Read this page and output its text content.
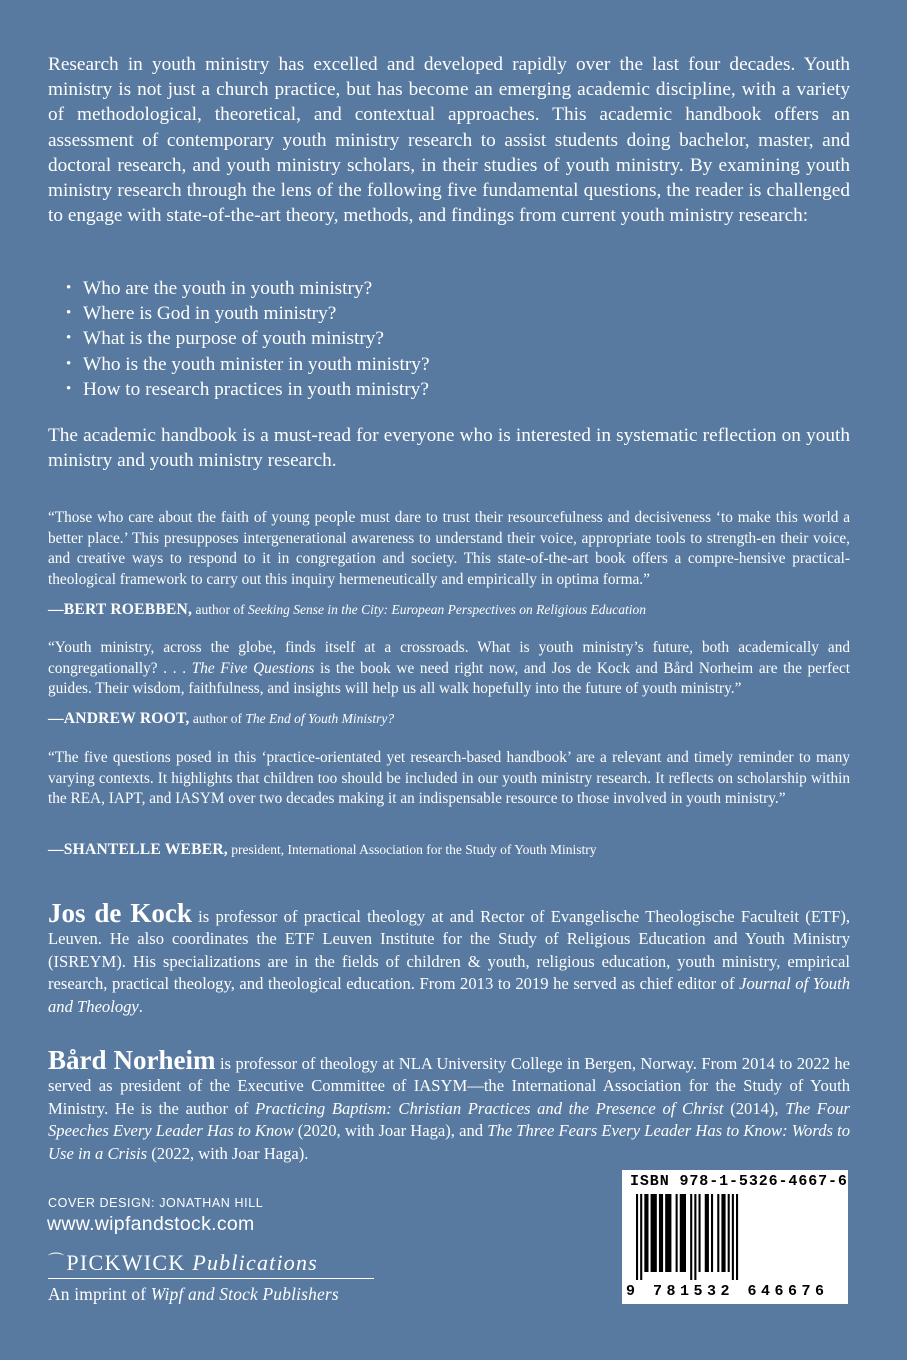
Research in youth ministry has excelled and developed rapidly over the last four decades. Youth ministry is not just a church practice, but has become an emerging academic discipline, with a variety of methodological, theoretical, and contextual approaches. This academic handbook offers an assessment of contemporary youth ministry research to assist students doing bachelor, master, and doctoral research, and youth ministry scholars, in their studies of youth ministry. By examining youth ministry research through the lens of the following five fundamental questions, the reader is challenged to engage with state-of-the-art theory, methods, and findings from current youth ministry research:

• Who are the youth in youth ministry?
• Where is God in youth ministry?
• What is the purpose of youth ministry?
• Who is the youth minister in youth ministry?
• How to research practices in youth ministry?

The academic handbook is a must-read for everyone who is interested in systematic reflection on youth ministry and youth ministry research.

“Those who care about the faith of young people must dare to trust their resourcefulness and decisiveness ‘to make this world a better place.’ This presupposes intergenerational awareness to understand their voice, appropriate tools to strength-en their voice, and creative ways to respond to it in congregation and society. This state-of-the-art book offers a compre-hensive practical-theological framework to carry out this inquiry hermeneutically and empirically in optima forma.”

—BERT ROEBBEN, author of Seeking Sense in the City: European Perspectives on Religious Education

“Youth ministry, across the globe, finds itself at a crossroads. What is youth ministry’s future, both academically and congregationally? . . . The Five Questions is the book we need right now, and Jos de Kock and Bård Norheim are the perfect guides. Their wisdom, faithfulness, and insights will help us all walk hopefully into the future of youth ministry.”

—ANDREW ROOT, author of The End of Youth Ministry?

“The five questions posed in this ‘practice-orientated yet research-based handbook’ are a relevant and timely reminder to many varying contexts. It highlights that children too should be included in our youth ministry research. It reflects on scholarship within the REA, IAPT, and IASYM over two decades making it an indispensable resource to those involved in youth ministry.”

—SHANTELLE WEBER, president, International Association for the Study of Youth Ministry

Jos de Kock is professor of practical theology at and Rector of Evangelische Theologische Faculteit (ETF), Leuven. He also coordinates the ETF Leuven Institute for the Study of Religious Education and Youth Ministry (ISREYM). His specializations are in the fields of children & youth, religious education, youth ministry, empirical research, practical theology, and theological education. From 2013 to 2019 he served as chief editor of Journal of Youth and Theology.

Bård Norheim is professor of theology at NLA University College in Bergen, Norway. From 2014 to 2022 he served as president of the Executive Committee of IASYM—the International Association for the Study of Youth Ministry. He is the author of Practicing Baptism: Christian Practices and the Presence of Christ (2014), The Four Speeches Every Leader Has to Know (2020, with Joar Haga), and The Three Fears Every Leader Has to Know: Words to Use in a Crisis (2022, with Joar Haga).

COVER DESIGN: JONATHAN HILL
www.wipfandstock.com
⌒PICKWICK Publications
An imprint of Wipf and Stock Publishers
ISBN 978-1-5326-4667-6
9 781532 646676
